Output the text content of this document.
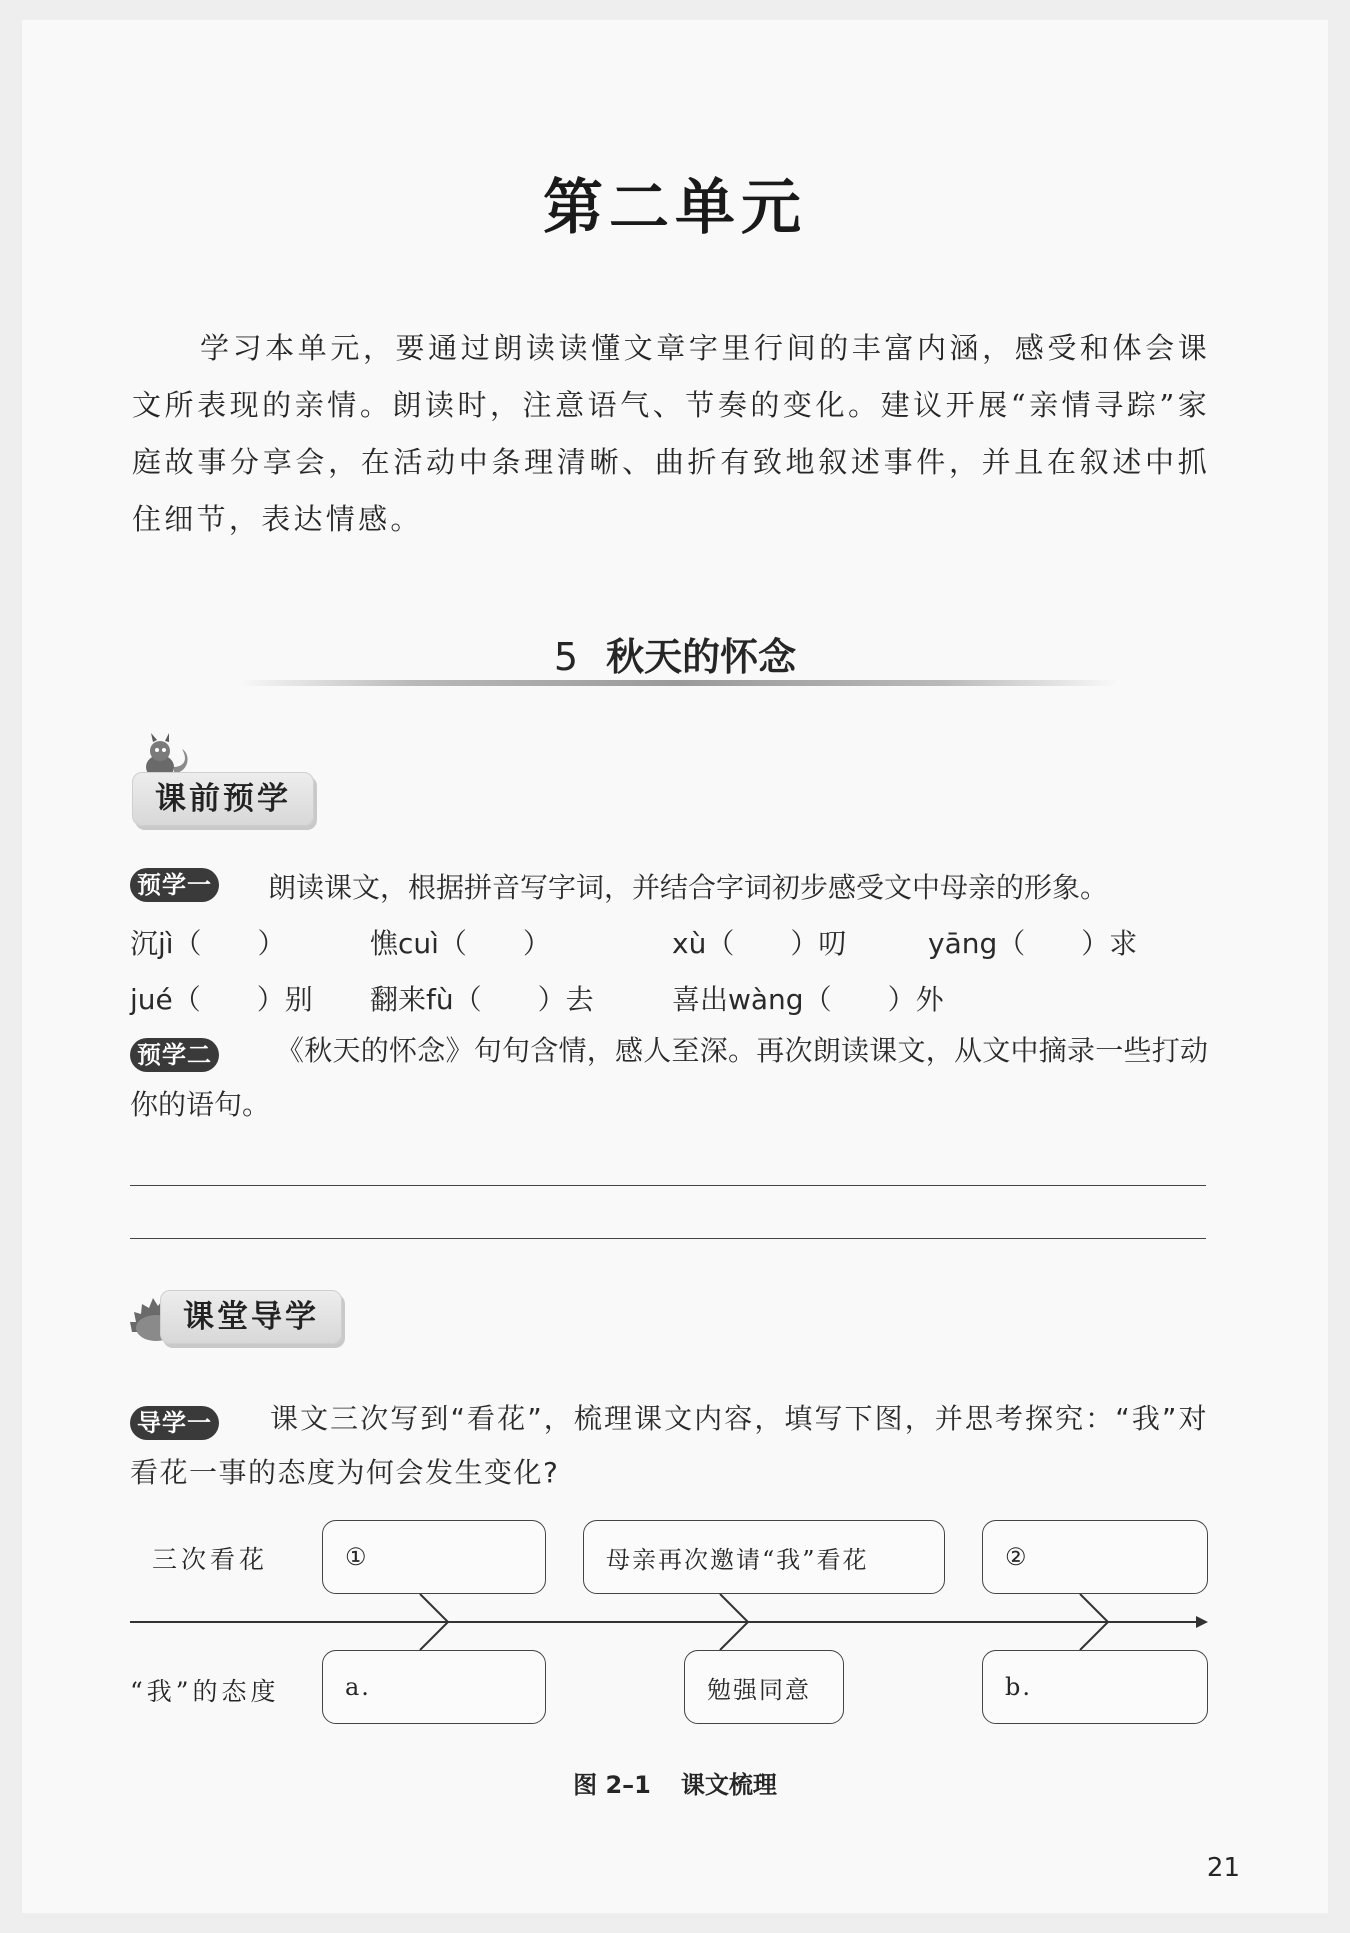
第二单元

学习本单元，要通过朗读读懂文章字里行间的丰富内涵，感受和体会课文所表现的亲情。朗读时，注意语气、节奏的变化。建议开展“亲情寻踪”家庭故事分享会，在活动中条理清晰、曲折有致地叙述事件，并且在叙述中抓住细节，表达情感。

5 秋天的怀念
课前预学
预学一 朗读课文，根据拼音写字词，并结合字词初步感受文中母亲的形象。
沉jì（　　）	憔cuì（　　）	xù（　　）叨	yāng（　　）求
jué（　　）别 翻来fù（　　）去	喜出wàng（　　）外
预学二	《秋天的怀念》句句含情，感人至深。再次朗读课文，从文中摘录一些打动你的语句。

课堂导学
导学一	课文三次写到“看花”，梳理课文内容，填写下图，并思考探究：“我”对看花一事的态度为何会发生变化?

三次看花
“我”的态度
①	母亲再次邀请“我”看花	②
a.	勉强同意	b.
图 2–1 课文梳理
21
